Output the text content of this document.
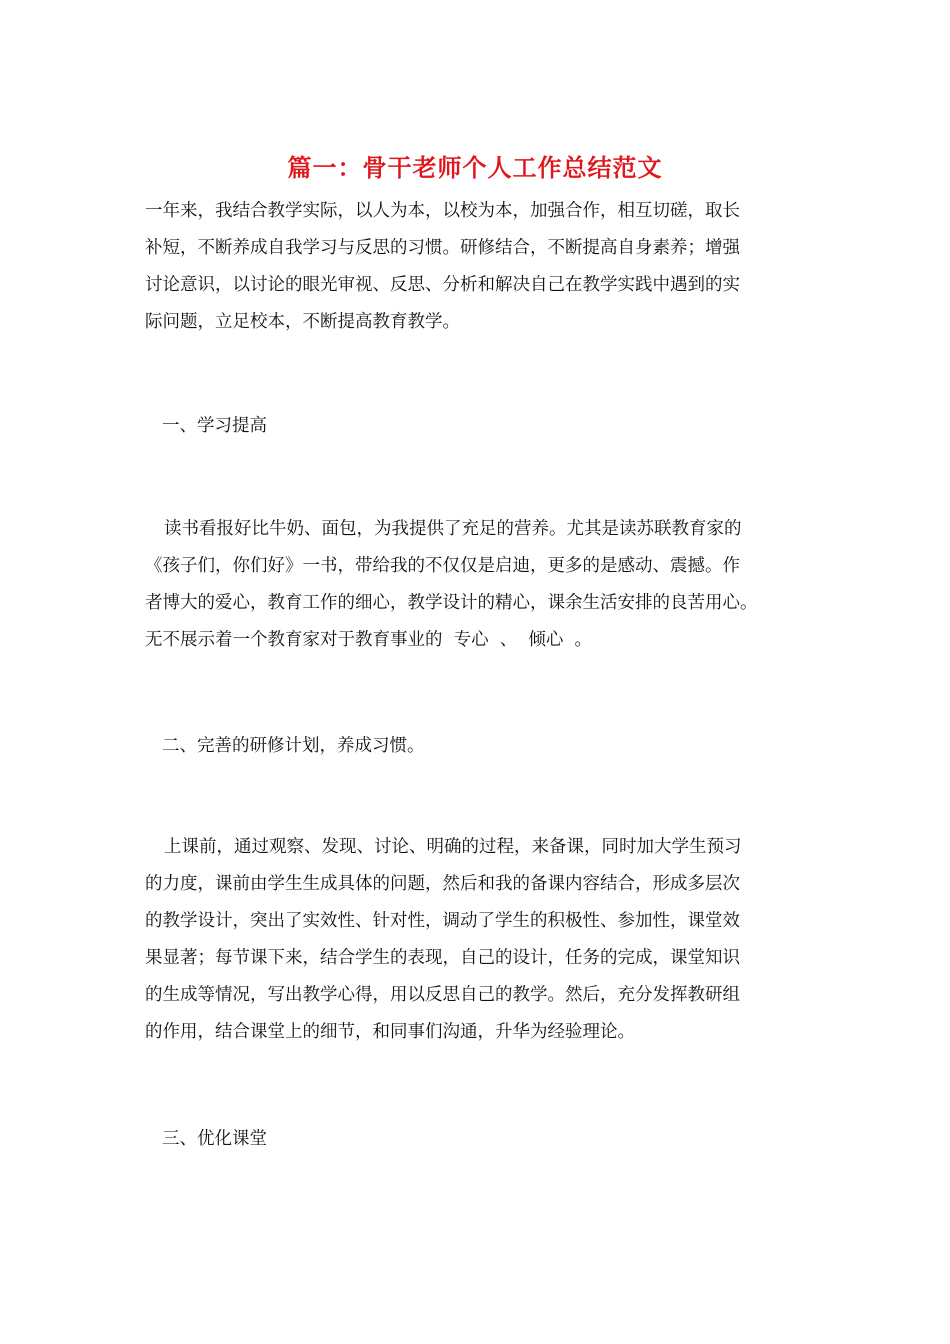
篇一：骨干老师个人工作总结范文
一年来，我结合教学实际，以人为本，以校为本，加强合作，相互切磋，取长
补短，不断养成自我学习与反思的习惯。研修结合，不断提高自身素养；增强
讨论意识，以讨论的眼光审视、反思、分析和解决自己在教学实践中遇到的实
际问题，立足校本，不断提高教育教学。
一、学习提高
读书看报好比牛奶、面包，为我提供了充足的营养。尤其是读苏联教育家的
《孩子们，你们好》一书，带给我的不仅仅是启迪，更多的是感动、震撼。作
者博大的爱心，教育工作的细心，教学设计的精心，课余生活安排的良苦用心。
无不展示着一个教育家对于教育事业的  专心  、  倾心  。
二、完善的研修计划，养成习惯。
上课前，通过观察、发现、讨论、明确的过程，来备课，同时加大学生预习
的力度，课前由学生生成具体的问题，然后和我的备课内容结合，形成多层次
的教学设计，突出了实效性、针对性，调动了学生的积极性、参加性，课堂效
果显著；每节课下来，结合学生的表现，自己的设计，任务的完成，课堂知识
的生成等情况，写出教学心得，用以反思自己的教学。然后，充分发挥教研组
的作用，结合课堂上的细节，和同事们沟通，升华为经验理论。
三、优化课堂
